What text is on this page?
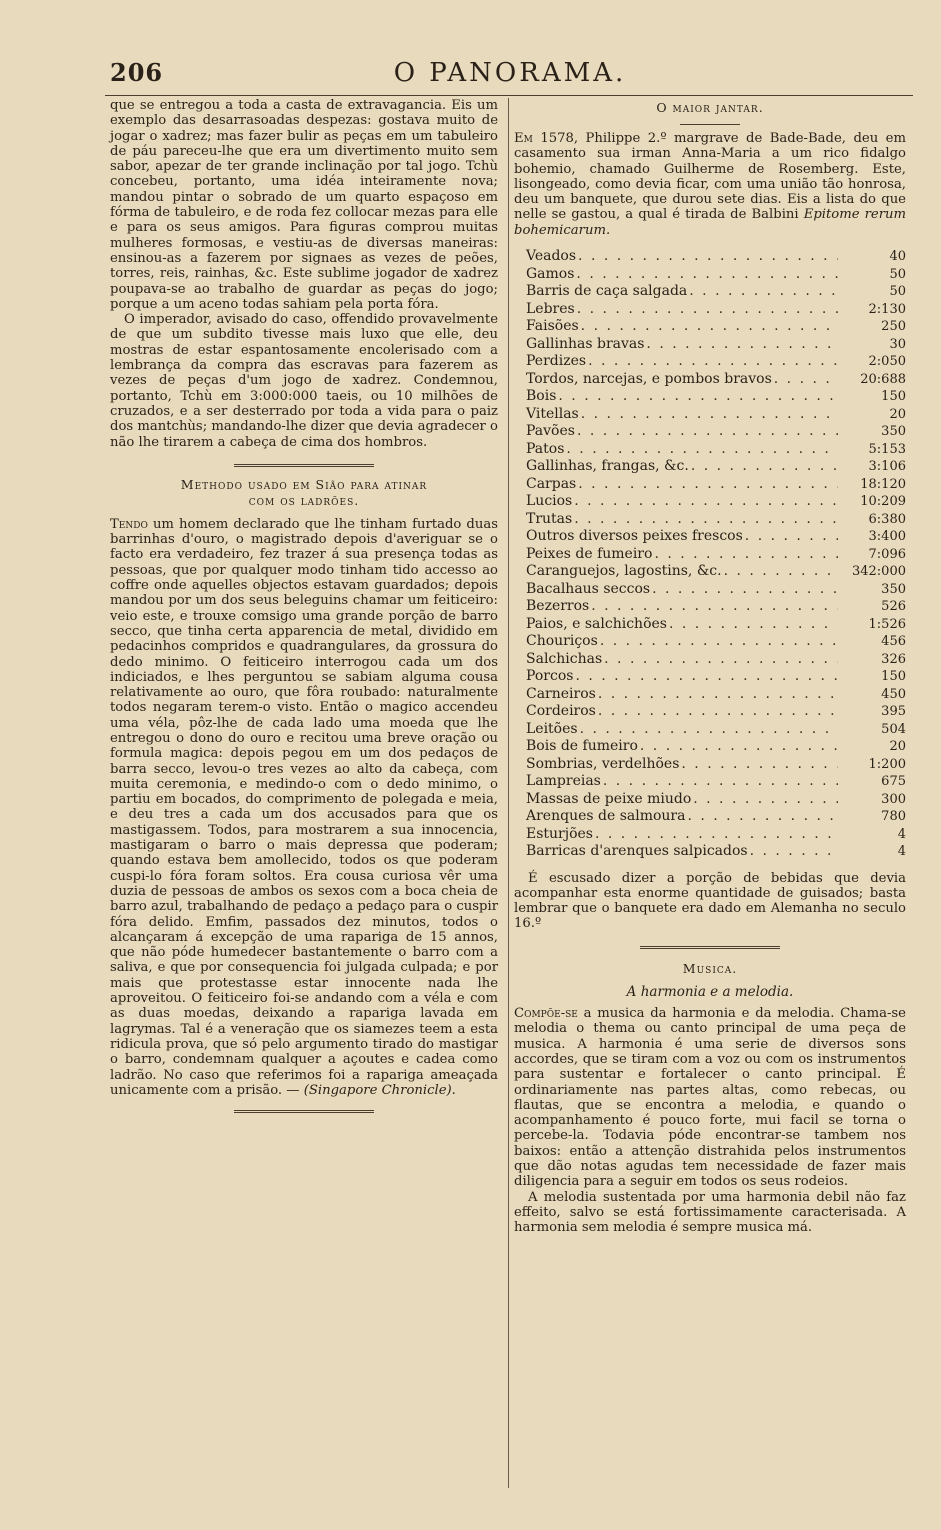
206	O PANORAMA.

que se entregou a toda a casta de extravagancia. Eis um exemplo das desarrasoadas despezas: gostava muito de jogar o xadrez; mas fazer bulir as peças em um tabuleiro de páu pareceu-lhe que era um divertimento muito sem sabor, apezar de ter grande inclinação por tal jogo. Tchù concebeu, portanto, uma idéa inteiramente nova; mandou pintar o sobrado de um quarto espaçoso em fórma de tabuleiro, e de roda fez collocar mezas para elle e para os seus amigos. Para figuras comprou muitas mulheres formosas, e vestiu-as de diversas maneiras: ensinou-as a fazerem por signaes as vezes de peões, torres, reis, rainhas, &c. Este sublime jogador de xadrez poupava-se ao trabalho de guardar as peças do jogo; porque a um aceno todas sahiam pela porta fóra.

O imperador, avisado do caso, offendido provavelmente de que um subdito tivesse mais luxo que elle, deu mostras de estar espantosamente encolerisado com a lembrança da compra das escravas para fazerem as vezes de peças d'um jogo de xadrez. Condemnou, portanto, Tchù em 3:000:000 taeis, ou 10 milhões de cruzados, e a ser desterrado por toda a vida para o paiz dos mantchùs; mandando-lhe dizer que devia agradecer o não lhe tirarem a cabeça de cima dos hombros.

Methodo usado em Sião para atinar
com os ladrões.

Tendo um homem declarado que lhe tinham furtado duas barrinhas d'ouro, o magistrado depois d'averiguar se o facto era verdadeiro, fez trazer á sua presença todas as pessoas, que por qualquer modo tinham tido accesso ao coffre onde aquelles objectos estavam guardados; depois mandou por um dos seus beleguins chamar um feiticeiro: veio este, e trouxe comsigo uma grande porção de barro secco, que tinha certa apparencia de metal, dividido em pedacinhos compridos e quadrangulares, da grossura do dedo minimo. O feiticeiro interrogou cada um dos indiciados, e lhes perguntou se sabiam alguma cousa relativamente ao ouro, que fôra roubado: naturalmente todos negaram terem-o visto. Então o magico accendeu uma véla, pôz-lhe de cada lado uma moeda que lhe entregou o dono do ouro e recitou uma breve oração ou formula magica: depois pegou em um dos pedaços de barra secco, levou-o tres vezes ao alto da cabeça, com muita ceremonia, e medindo-o com o dedo minimo, o partiu em bocados, do comprimento de polegada e meia, e deu tres a cada um dos accusados para que os mastigassem. Todos, para mostrarem a sua innocencia, mastigaram o barro o mais depressa que poderam; quando estava bem amollecido, todos os que poderam cuspi-lo fóra foram soltos. Era cousa curiosa vêr uma duzia de pessoas de ambos os sexos com a boca cheia de barro azul, trabalhando de pedaço a pedaço para o cuspir fóra delido. Emfim, passados dez minutos, todos o alcançaram á excepção de uma rapariga de 15 annos, que não póde humedecer bastantemente o barro com a saliva, e que por consequencia foi julgada culpada; e por mais que protestasse estar innocente nada lhe aproveitou. O feiticeiro foi-se andando com a véla e com as duas moedas, deixando a rapariga lavada em lagrymas. Tal é a veneração que os siamezes teem a esta ridicula prova, que só pelo argumento tirado do mastigar o barro, condemnam qualquer a açoutes e cadea como ladrão. No caso que referimos foi a rapariga ameaçada unicamente com a prisão. — (Singapore Chronicle).

O maior jantar.

Em 1578, Philippe 2.º margrave de Bade-Bade, deu em casamento sua irman Anna-Maria a um rico fidalgo bohemio, chamado Guilherme de Rosemberg. Este, lisongeado, como devia ficar, com uma união tão honrosa, deu um banquete, que durou sete dias. Eis a lista do que nelle se gastou, a qual é tirada de Balbini Epitome rerum bohemicarum.

Veados . . .	40
Gamos . . .	50
Barris de caça salgada . . .	50
Lebres . . .	2:130
Faisões . . .	250
Gallinhas bravas . . .	30
Perdizes . . .	2:050
Tordos, narcejas, e pombos bravos . . .	20:688
Bois . . .	150
Vitellas . . .	20
Pavões . . .	350
Patos . . .	5:153
Gallinhas, frangas, &c. . . .	3:106
Carpas . . .	18:120
Lucios . . .	10:209
Trutas . . .	6:380
Outros diversos peixes frescos . . .	3:400
Peixes de fumeiro . . .	7:096
Caranguejos, lagostins, &c. . . .	342:000
Bacalhaus seccos . . .	350
Bezerros . . .	526
Paios, e salchichões . . .	1:526
Chouriços . . .	456
Salchichas . . .	326
Porcos . . .	150
Carneiros . . .	450
Cordeiros . . .	395
Leitões . . .	504
Bois de fumeiro . . .	20
Sombrias, verdelhões . . .	1:200
Lampreias . . .	675
Massas de peixe miudo . . .	300
Arenques de salmoura . . .	780
Esturjões . . .	4
Barricas d'arenques salpicados . . .	4

É escusado dizer a porção de bebidas que devia acompanhar esta enorme quantidade de guisados; basta lembrar que o banquete era dado em Alemanha no seculo 16.º

Musica.
A harmonia e a melodia.

Compõe-se a musica da harmonia e da melodia. Chama-se melodia o thema ou canto principal de uma peça de musica. A harmonia é uma serie de diversos sons accordes, que se tiram com a voz ou com os instrumentos para sustentar e fortalecer o canto principal. É ordinariamente nas partes altas, como rebecas, ou flautas, que se encontra a melodia, e quando o acompanhamento é pouco forte, mui facil se torna o percebe-la. Todavia póde encontrar-se tambem nos baixos: então a attenção distrahida pelos instrumentos que dão notas agudas tem necessidade de fazer mais diligencia para a seguir em todos os seus rodeios.

A melodia sustentada por uma harmonia debil não faz effeito, salvo se está fortissimamente caracterisada. A harmonia sem melodia é sempre musica má.
